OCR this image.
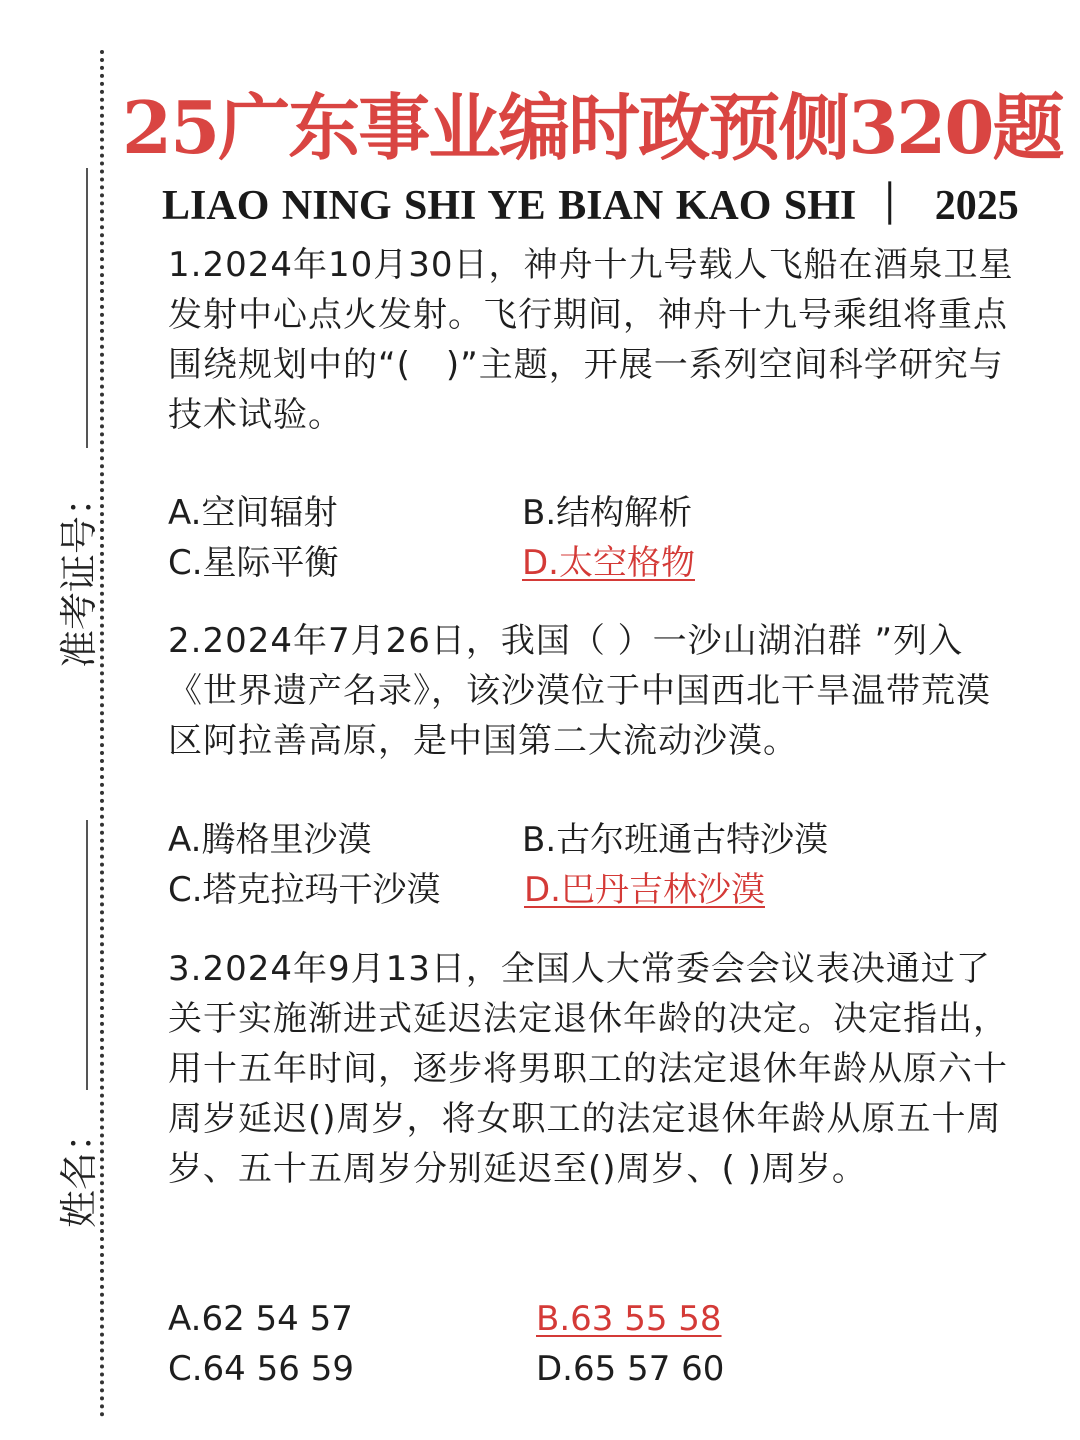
准考证号：
姓名：
25广东事业编时政预侧320题
LIAO NING SHI YE BIAN KAO SHI ｜ 2025
1.2024年10月30日，神舟十九号载人飞船在酒泉卫星发射中心点火发射。飞行期间，神舟十九号乘组将重点围绕规划中的“(　)”主题，开展一系列空间科学研究与技术试验。
A.空间辐射	B.结构解析
C.星际平衡	D.太空格物
2.2024年7月26日，我国（ ）一沙山湖泊群 ”列入《世界遗产名录》，该沙漠位于中国西北干旱温带荒漠区阿拉善高原，是中国第二大流动沙漠。
A.腾格里沙漠	B.古尔班通古特沙漠
C.塔克拉玛干沙漠 D.巴丹吉林沙漠
3.2024年9月13日，全国人大常委会会议表决通过了关于实施渐进式延迟法定退休年龄的决定。决定指出，用十五年时间，逐步将男职工的法定退休年龄从原六十周岁延迟()周岁，将女职工的法定退休年龄从原五十周岁、五十五周岁分别延迟至()周岁、( )周岁。
A.62 54 57	B.63 55 58
C.64 56 59	D.65 57 60
